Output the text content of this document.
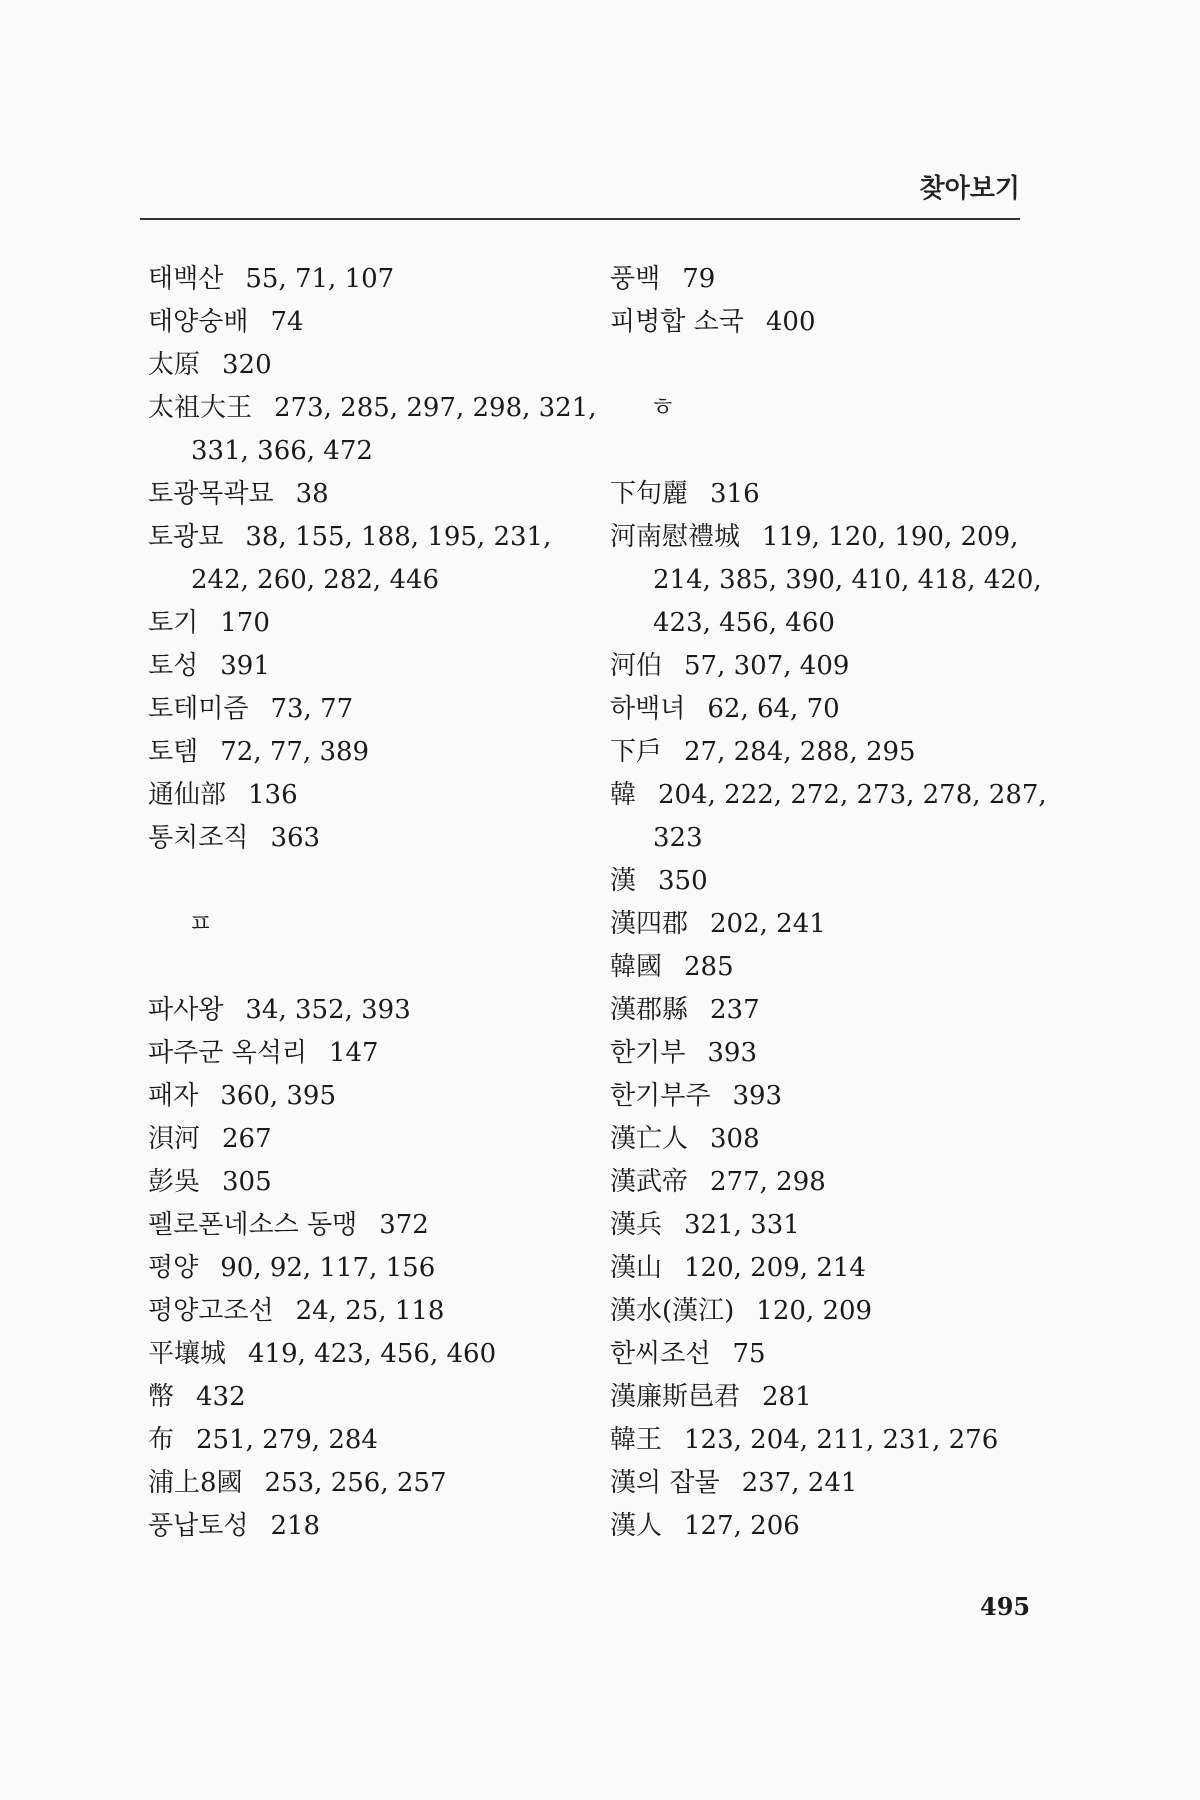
찾아보기
태백산 55, 71, 107
태양숭배 74
太原 320
太祖大王 273, 285, 297, 298, 321,
331, 366, 472
토광목곽묘 38
토광묘 38, 155, 188, 195, 231,
242, 260, 282, 446
토기 170
토성 391
토테미즘 73, 77
토템 72, 77, 389
通仙部 136
통치조직 363
ㅍ
파사왕 34, 352, 393
파주군 옥석리 147
패자 360, 395
浿河 267
彭吳 305
펠로폰네소스 동맹 372
평양 90, 92, 117, 156
평양고조선 24, 25, 118
平壤城 419, 423, 456, 460
幣 432
布 251, 279, 284
浦上8國 253, 256, 257
풍납토성 218
풍백 79
피병합 소국 400
ㅎ
下句麗 316
河南慰禮城 119, 120, 190, 209,
214, 385, 390, 410, 418, 420,
423, 456, 460
河伯 57, 307, 409
하백녀 62, 64, 70
下戶 27, 284, 288, 295
韓 204, 222, 272, 273, 278, 287,
323
漢 350
漢四郡 202, 241
韓國 285
漢郡縣 237
한기부 393
한기부주 393
漢亡人 308
漢武帝 277, 298
漢兵 321, 331
漢山 120, 209, 214
漢水(漢江) 120, 209
한씨조선 75
漢廉斯邑君 281
韓王 123, 204, 211, 231, 276
漢의 잡물 237, 241
漢人 127, 206
495
